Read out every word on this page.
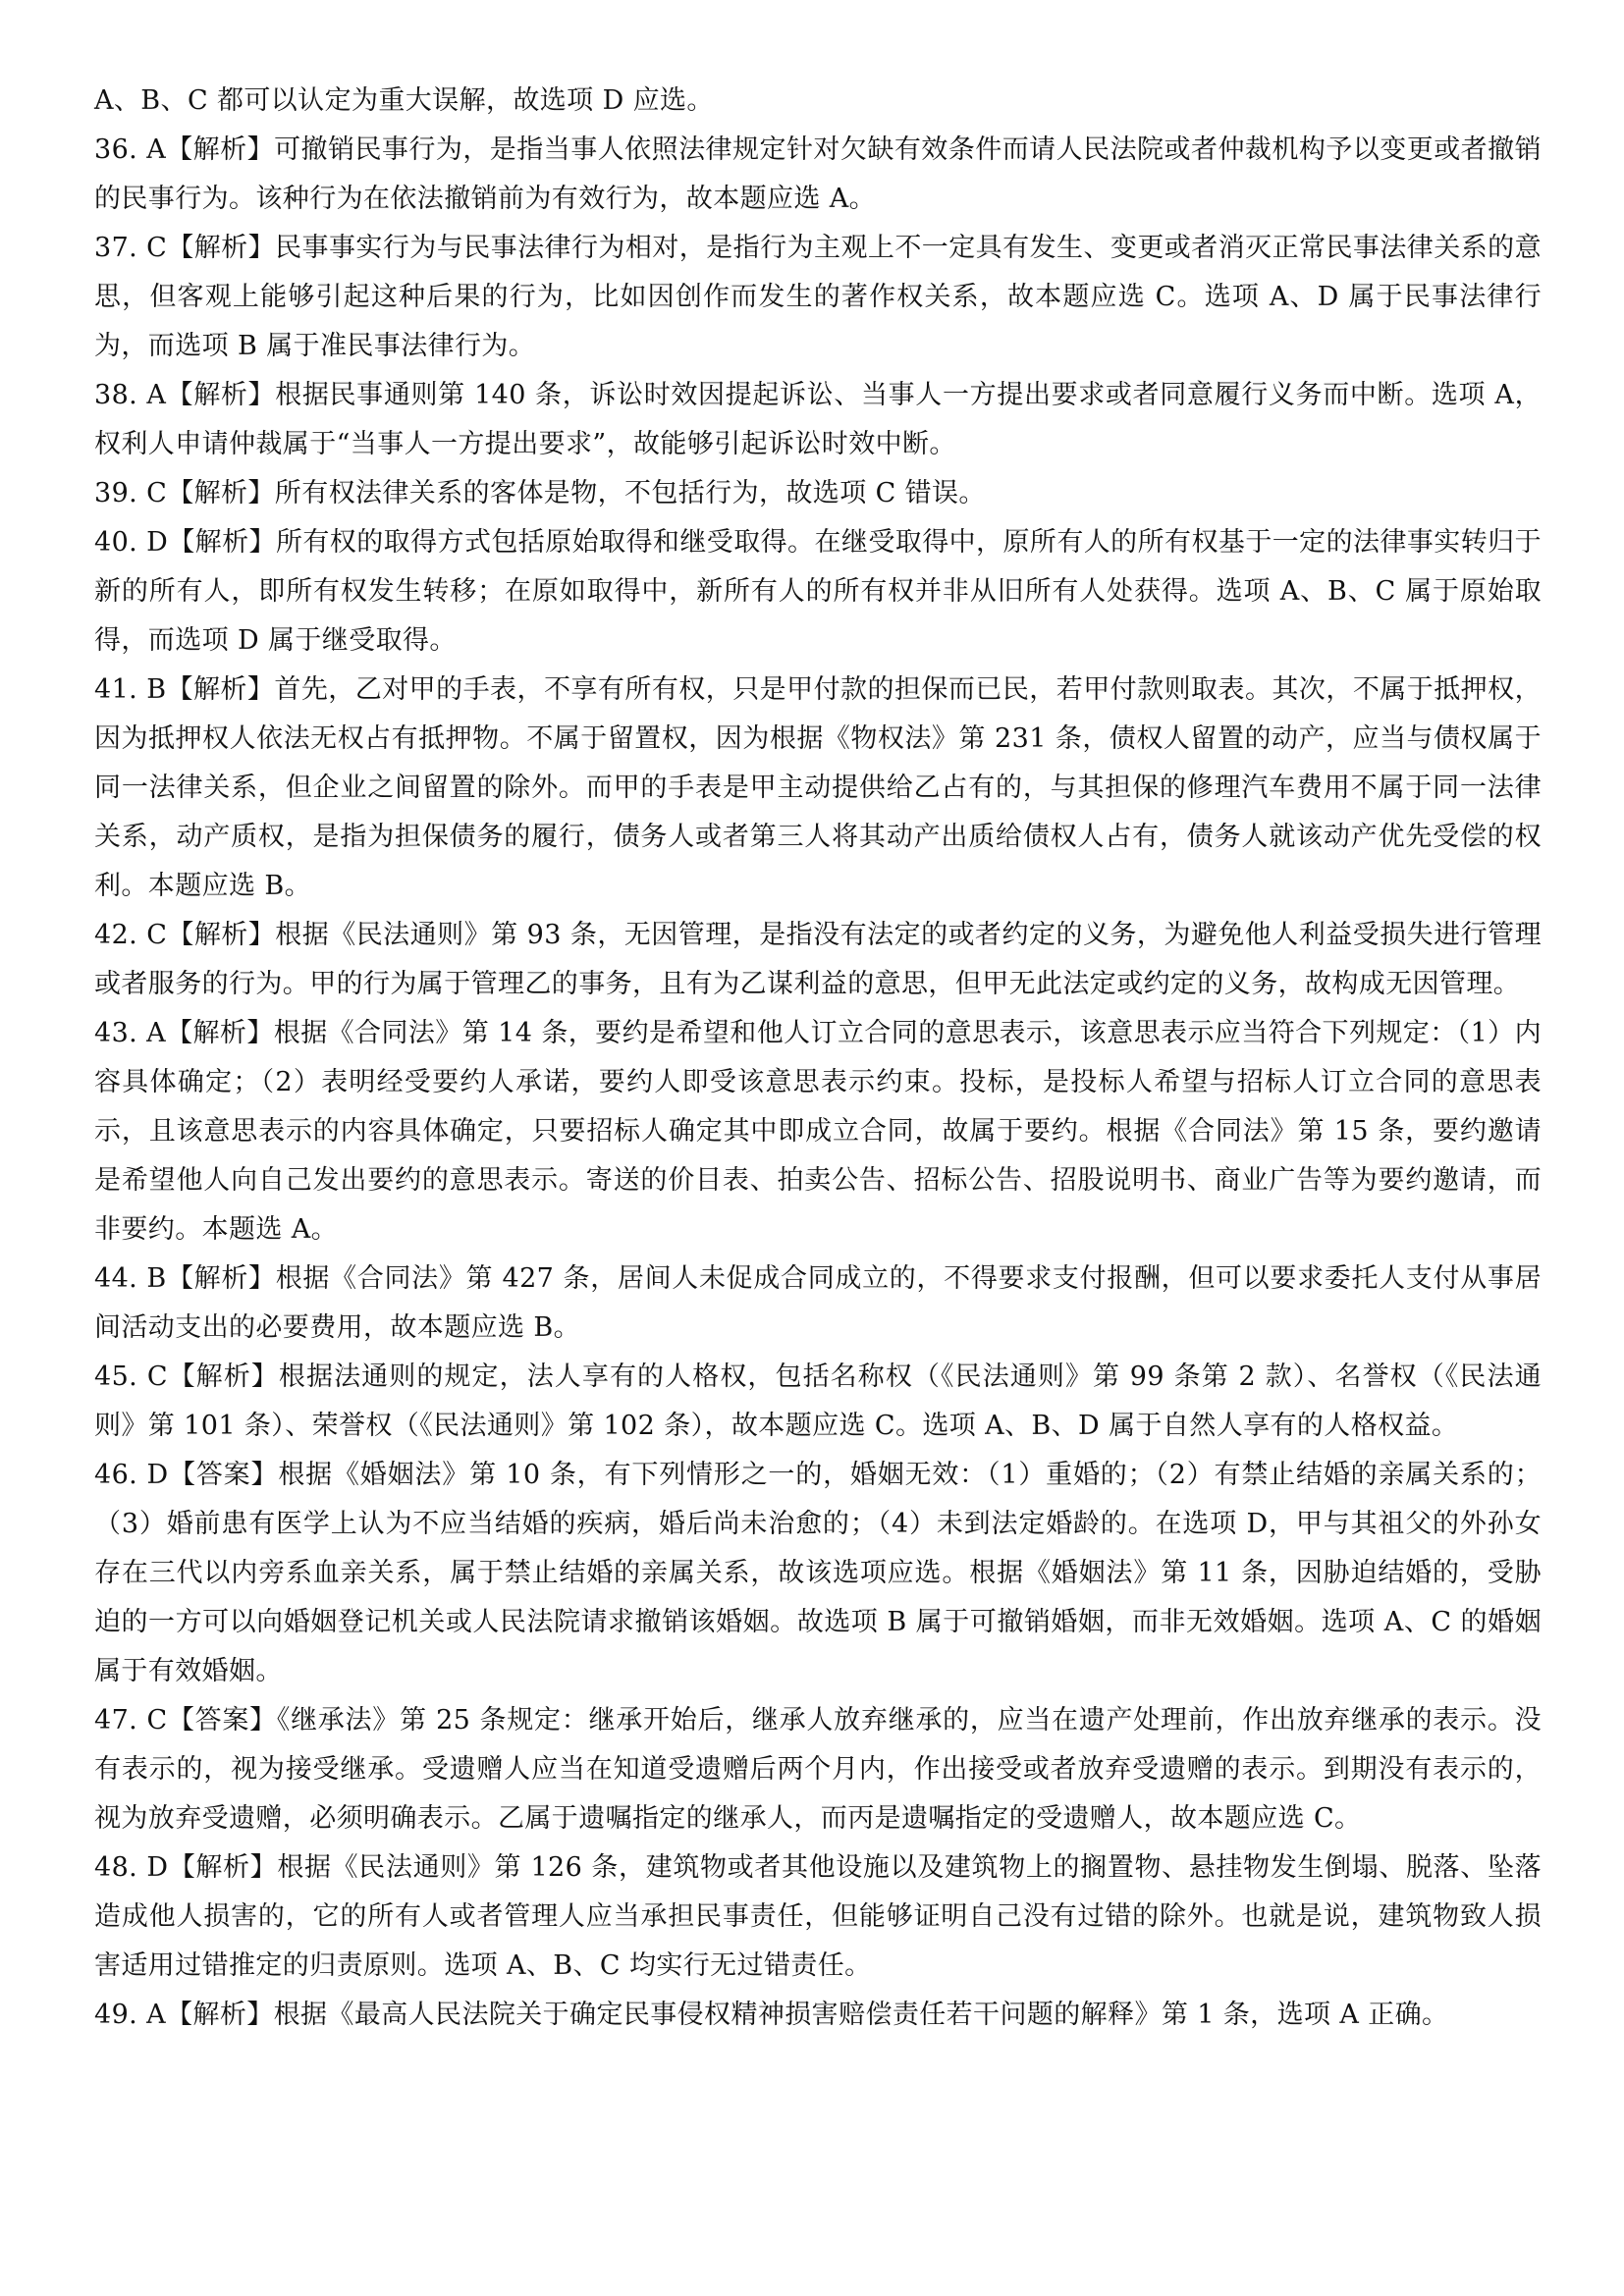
A、B、C 都可以认定为重大误解，故选项 D 应选。

36. A【解析】可撤销民事行为，是指当事人依照法律规定针对欠缺有效条件而请人民法院或者仲裁机构予以变更或者撤销的民事行为。该种行为在依法撤销前为有效行为，故本题应选 A。

37. C【解析】民事事实行为与民事法律行为相对，是指行为主观上不一定具有发生、变更或者消灭正常民事法律关系的意思，但客观上能够引起这种后果的行为，比如因创作而发生的著作权关系，故本题应选 C。选项 A、D 属于民事法律行为，而选项 B 属于准民事法律行为。

38. A【解析】根据民事通则第 140 条，诉讼时效因提起诉讼、当事人一方提出要求或者同意履行义务而中断。选项 A，权利人申请仲裁属于“当事人一方提出要求”，故能够引起诉讼时效中断。

39. C【解析】所有权法律关系的客体是物，不包括行为，故选项 C 错误。

40. D【解析】所有权的取得方式包括原始取得和继受取得。在继受取得中，原所有人的所有权基于一定的法律事实转归于新的所有人，即所有权发生转移；在原如取得中，新所有人的所有权并非从旧所有人处获得。选项 A、B、C 属于原始取得，而选项 D 属于继受取得。

41. B【解析】首先，乙对甲的手表，不享有所有权，只是甲付款的担保而已民，若甲付款则取表。其次，不属于抵押权，因为抵押权人依法无权占有抵押物。不属于留置权，因为根据《物权法》第 231 条，债权人留置的动产，应当与债权属于同一法律关系，但企业之间留置的除外。而甲的手表是甲主动提供给乙占有的，与其担保的修理汽车费用不属于同一法律关系，动产质权，是指为担保债务的履行，债务人或者第三人将其动产出质给债权人占有，债务人就该动产优先受偿的权利。本题应选 B。

42. C【解析】根据《民法通则》第 93 条，无因管理，是指没有法定的或者约定的义务，为避免他人利益受损失进行管理或者服务的行为。甲的行为属于管理乙的事务，且有为乙谋利益的意思，但甲无此法定或约定的义务，故构成无因管理。

43. A【解析】根据《合同法》第 14 条，要约是希望和他人订立合同的意思表示，该意思表示应当符合下列规定：（1）内容具体确定；（2）表明经受要约人承诺，要约人即受该意思表示约束。投标，是投标人希望与招标人订立合同的意思表示，且该意思表示的内容具体确定，只要招标人确定其中即成立合同，故属于要约。根据《合同法》第 15 条，要约邀请是希望他人向自己发出要约的意思表示。寄送的价目表、拍卖公告、招标公告、招股说明书、商业广告等为要约邀请，而非要约。本题选 A。

44. B【解析】根据《合同法》第 427 条，居间人未促成合同成立的，不得要求支付报酬，但可以要求委托人支付从事居间活动支出的必要费用，故本题应选 B。

45. C【解析】根据法通则的规定，法人享有的人格权，包括名称权（《民法通则》第 99 条第 2 款）、名誉权（《民法通则》第 101 条）、荣誉权（《民法通则》第 102 条），故本题应选 C。选项 A、B、D 属于自然人享有的人格权益。

46. D【答案】根据《婚姻法》第 10 条，有下列情形之一的，婚姻无效：（1）重婚的；（2）有禁止结婚的亲属关系的；（3）婚前患有医学上认为不应当结婚的疾病，婚后尚未治愈的；（4）未到法定婚龄的。在选项 D，甲与其祖父的外孙女存在三代以内旁系血亲关系，属于禁止结婚的亲属关系，故该选项应选。根据《婚姻法》第 11 条，因胁迫结婚的，受胁迫的一方可以向婚姻登记机关或人民法院请求撤销该婚姻。故选项 B 属于可撤销婚姻，而非无效婚姻。选项 A、C 的婚姻属于有效婚姻。

47. C【答案】《继承法》第 25 条规定：继承开始后，继承人放弃继承的，应当在遗产处理前，作出放弃继承的表示。没有表示的，视为接受继承。受遗赠人应当在知道受遗赠后两个月内，作出接受或者放弃受遗赠的表示。到期没有表示的，视为放弃受遗赠，必须明确表示。乙属于遗嘱指定的继承人，而丙是遗嘱指定的受遗赠人，故本题应选 C。

48. D【解析】根据《民法通则》第 126 条，建筑物或者其他设施以及建筑物上的搁置物、悬挂物发生倒塌、脱落、坠落造成他人损害的，它的所有人或者管理人应当承担民事责任，但能够证明自己没有过错的除外。也就是说，建筑物致人损害适用过错推定的归责原则。选项 A、B、C 均实行无过错责任。

49. A【解析】根据《最高人民法院关于确定民事侵权精神损害赔偿责任若干问题的解释》第 1 条，选项 A 正确。
